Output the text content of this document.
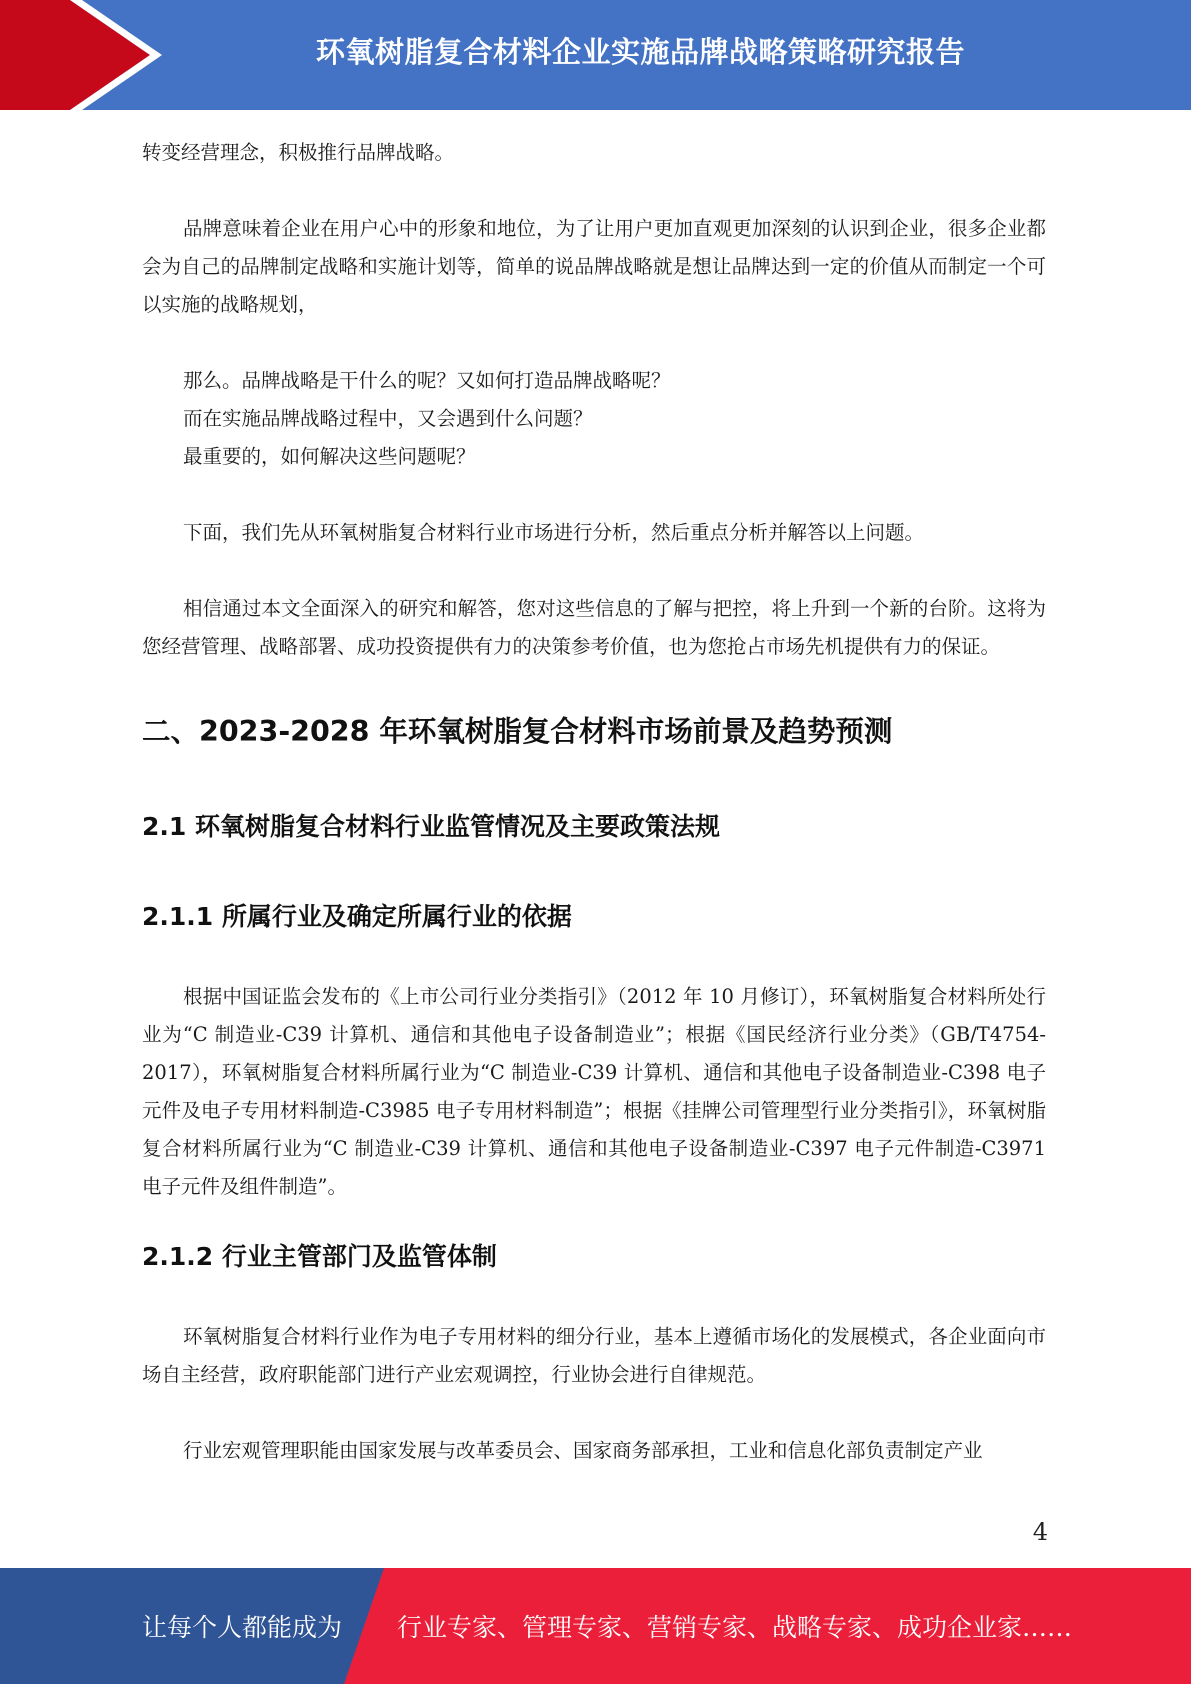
环氧树脂复合材料企业实施品牌战略策略研究报告

转变经营理念，积极推行品牌战略。

品牌意味着企业在用户心中的形象和地位，为了让用户更加直观更加深刻的认识到企业，很多企业都会为自己的品牌制定战略和实施计划等，简单的说品牌战略就是想让品牌达到一定的价值从而制定一个可以实施的战略规划，

那么。品牌战略是干什么的呢？又如何打造品牌战略呢？

而在实施品牌战略过程中，又会遇到什么问题？

最重要的，如何解决这些问题呢？

下面，我们先从环氧树脂复合材料行业市场进行分析，然后重点分析并解答以上问题。

相信通过本文全面深入的研究和解答，您对这些信息的了解与把控，将上升到一个新的台阶。这将为您经营管理、战略部署、成功投资提供有力的决策参考价值，也为您抢占市场先机提供有力的保证。

二、2023-2028 年环氧树脂复合材料市场前景及趋势预测
2.1 环氧树脂复合材料行业监管情况及主要政策法规
2.1.1 所属行业及确定所属行业的依据

根据中国证监会发布的《上市公司行业分类指引》（2012 年 10 月修订），环氧树脂复合材料所处行业为“C 制造业-C39 计算机、通信和其他电子设备制造业”；根据《国民经济行业分类》（GB/T4754-2017），环氧树脂复合材料所属行业为“C 制造业-C39 计算机、通信和其他电子设备制造业-C398 电子元件及电子专用材料制造-C3985 电子专用材料制造”；根据《挂牌公司管理型行业分类指引》，环氧树脂复合材料所属行业为“C 制造业-C39 计算机、通信和其他电子设备制造业-C397 电子元件制造-C3971 电子元件及组件制造”。

2.1.2 行业主管部门及监管体制

环氧树脂复合材料行业作为电子专用材料的细分行业，基本上遵循市场化的发展模式，各企业面向市场自主经营，政府职能部门进行产业宏观调控，行业协会进行自律规范。

行业宏观管理职能由国家发展与改革委员会、国家商务部承担，工业和信息化部负责制定产业

4
让每个人都能成为 行业专家、管理专家、营销专家、战略专家、成功企业家……
